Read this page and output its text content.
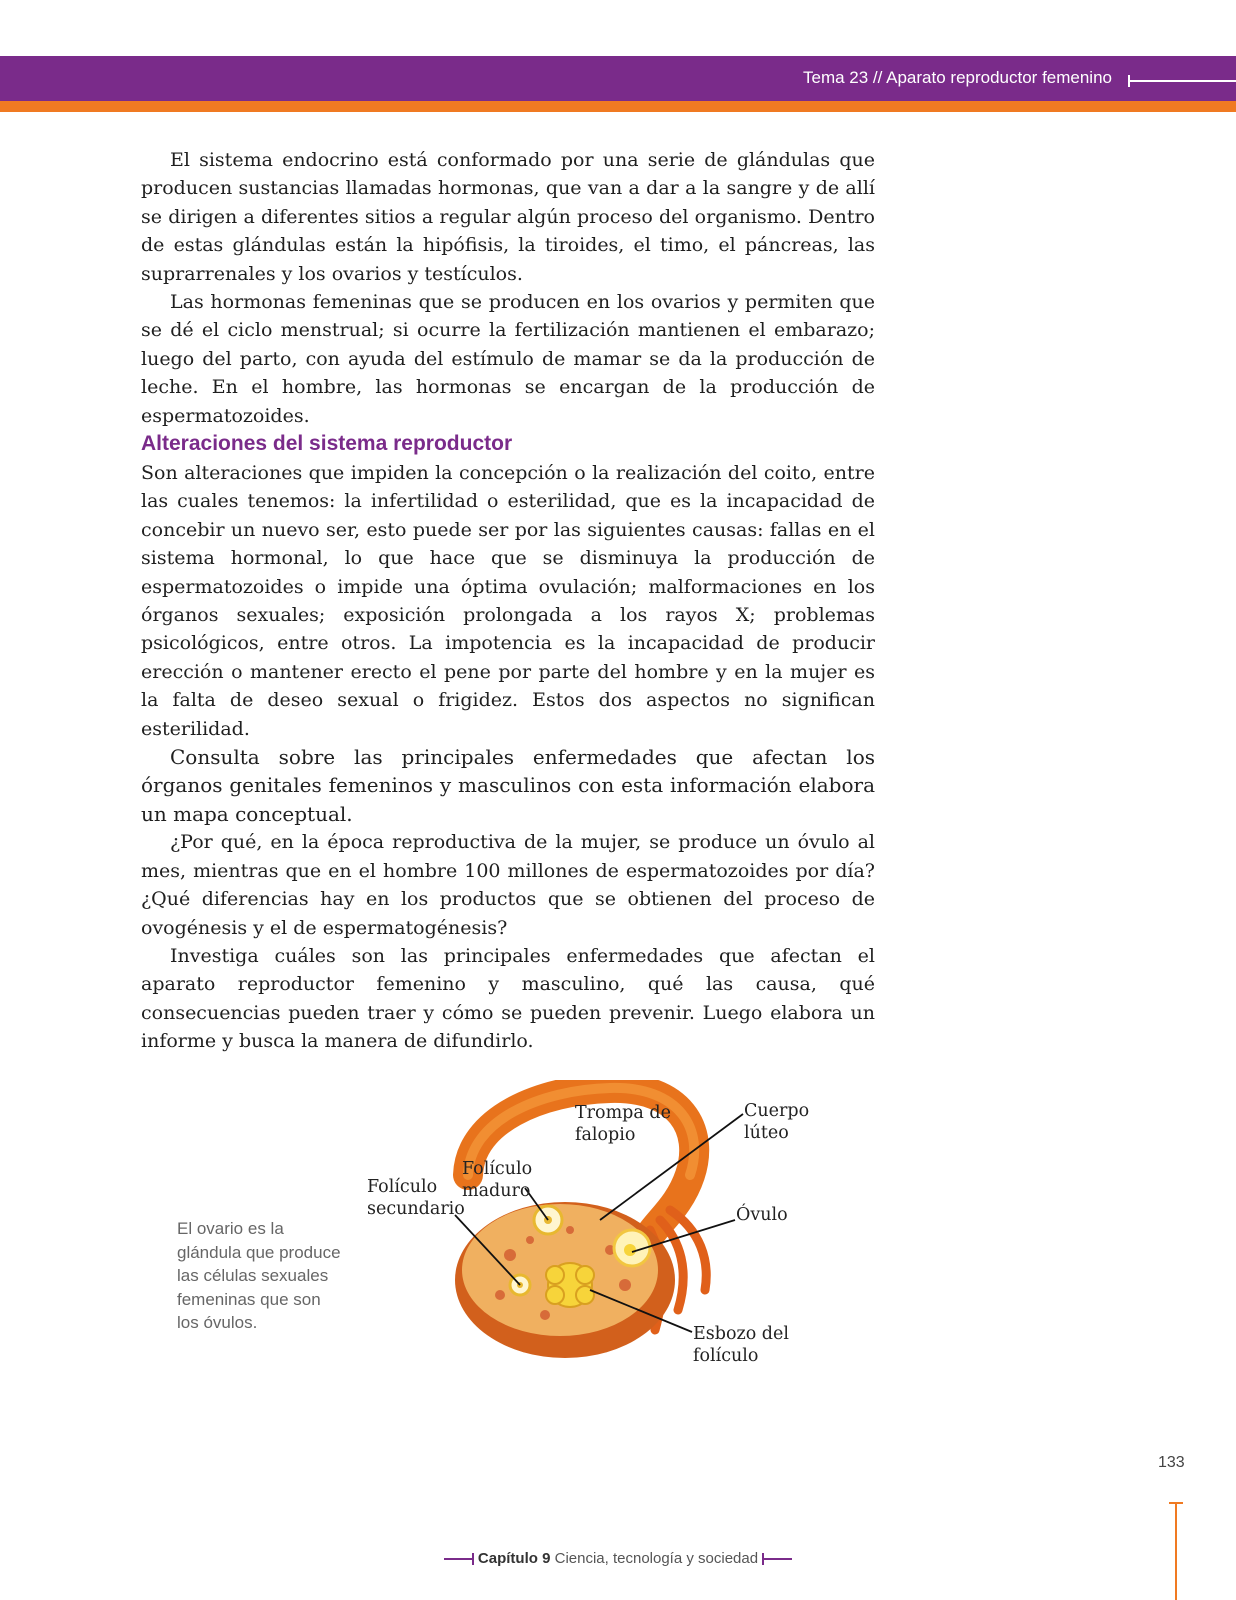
Tema 23 // Aparato reproductor femenino

El sistema endocrino está conformado por una serie de glándulas que producen sustancias llamadas hormonas, que van a dar a la sangre y de allí se dirigen a diferentes sitios a regular algún proceso del organismo. Dentro de estas glándulas están la hipófisis, la tiroides, el timo, el páncreas, las suprarrenales y los ovarios y testículos.

Las hormonas femeninas que se producen en los ovarios y permiten que se dé el ciclo menstrual; si ocurre la fertilización mantienen el embarazo; luego del parto, con ayuda del estímulo de mamar se da la producción de leche. En el hombre, las hormonas se encargan de la producción de espermatozoides.

Alteraciones del sistema reproductor

Son alteraciones que impiden la concepción o la realización del coito, entre las cuales tenemos: la infertilidad o esterilidad, que es la incapacidad de concebir un nuevo ser, esto puede ser por las siguientes causas: fallas en el sistema hormonal, lo que hace que se disminuya la producción de espermatozoides o impide una óptima ovulación; malformaciones en los órganos sexuales; exposición prolongada a los rayos X; problemas psicológicos, entre otros. La impotencia es la incapacidad de producir erección o mantener erecto el pene por parte del hombre y en la mujer es la falta de deseo sexual o frigidez. Estos dos aspectos no significan esterilidad.

Consulta sobre las principales enfermedades que afectan los órganos genitales femeninos y masculinos con esta información elabora un mapa conceptual.

¿Por qué, en la época reproductiva de la mujer, se produce un óvulo al mes, mientras que en el hombre 100 millones de espermatozoides por día? ¿Qué diferencias hay en los productos que se obtienen del proceso de ovogénesis y el de espermatogénesis?

Investiga cuáles son las principales enfermedades que afectan el aparato reproductor femenino y masculino, qué las causa, qué consecuencias pueden traer y cómo se pueden prevenir. Luego elabora un informe y busca la manera de difundirlo.

El ovario es la glándula que produce las células sexuales femeninas que son los óvulos.
Trompa de
falopio
Cuerpo
lúteo
Folículo
maduro
Folículo
secundario	Óvulo
Esbozo del
folículo
133
Capítulo 9 Ciencia, tecnología y sociedad
